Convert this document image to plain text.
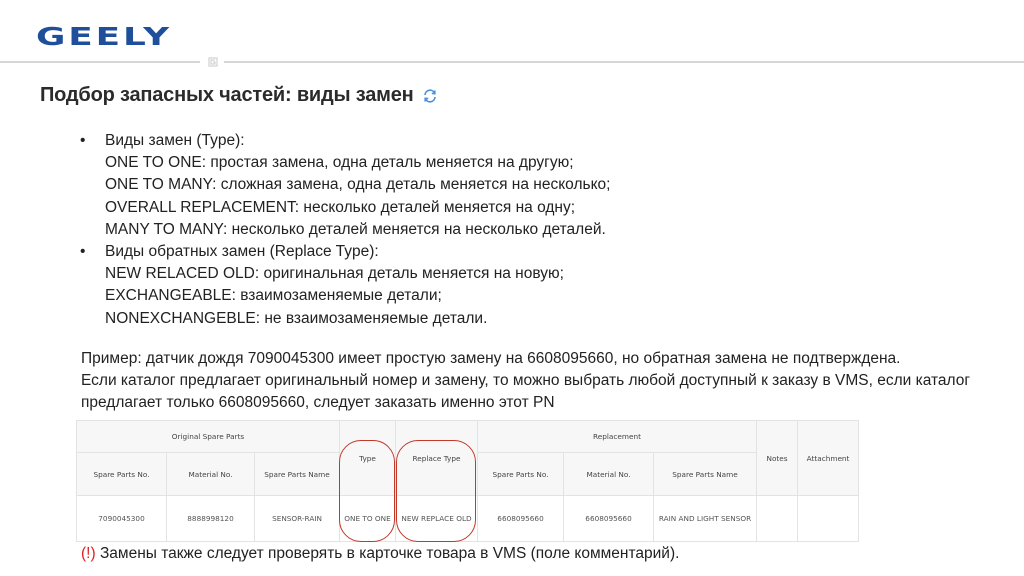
GEELY
Подбор запасных частей: виды замен
• Виды замен (Type):
ONE TO ONE: простая замена, одна деталь меняется на другую;
ONE TO MANY: сложная замена, одна деталь меняется на несколько;
OVERALL REPLACEMENT: несколько деталей меняется на одну;
MANY TO MANY: несколько деталей меняется на несколько деталей.
• Виды обратных замен (Replace Type):
NEW RELACED OLD: оригинальная деталь меняется на новую;
EXCHANGEABLE: взаимозаменяемые детали;
NONEXCHANGEBLE: не взаимозаменяемые детали.
Пример: датчик дождя 7090045300 имеет простую замену на 6608095660, но обратная замена не подтверждена.
Если каталог предлагает оригинальный номер и замену, то можно выбрать любой доступный к заказу в VMS, если каталог
предлагает только 6608095660, следует заказать именно этот PN
Original Spare Parts			Type	Replace Type	Replacement			Notes	Attachment
Spare Parts No.	Material No.	Spare Parts Name			Spare Parts No.	Material No.	Spare Parts Name		
7090045300	8888998120	SENSOR-RAIN	ONE TO ONE	NEW REPLACE OLD	6608095660	6608095660	RAIN AND LIGHT SENSOR		
(!) Замены также следует проверять в карточке товара в VMS (поле комментарий).
